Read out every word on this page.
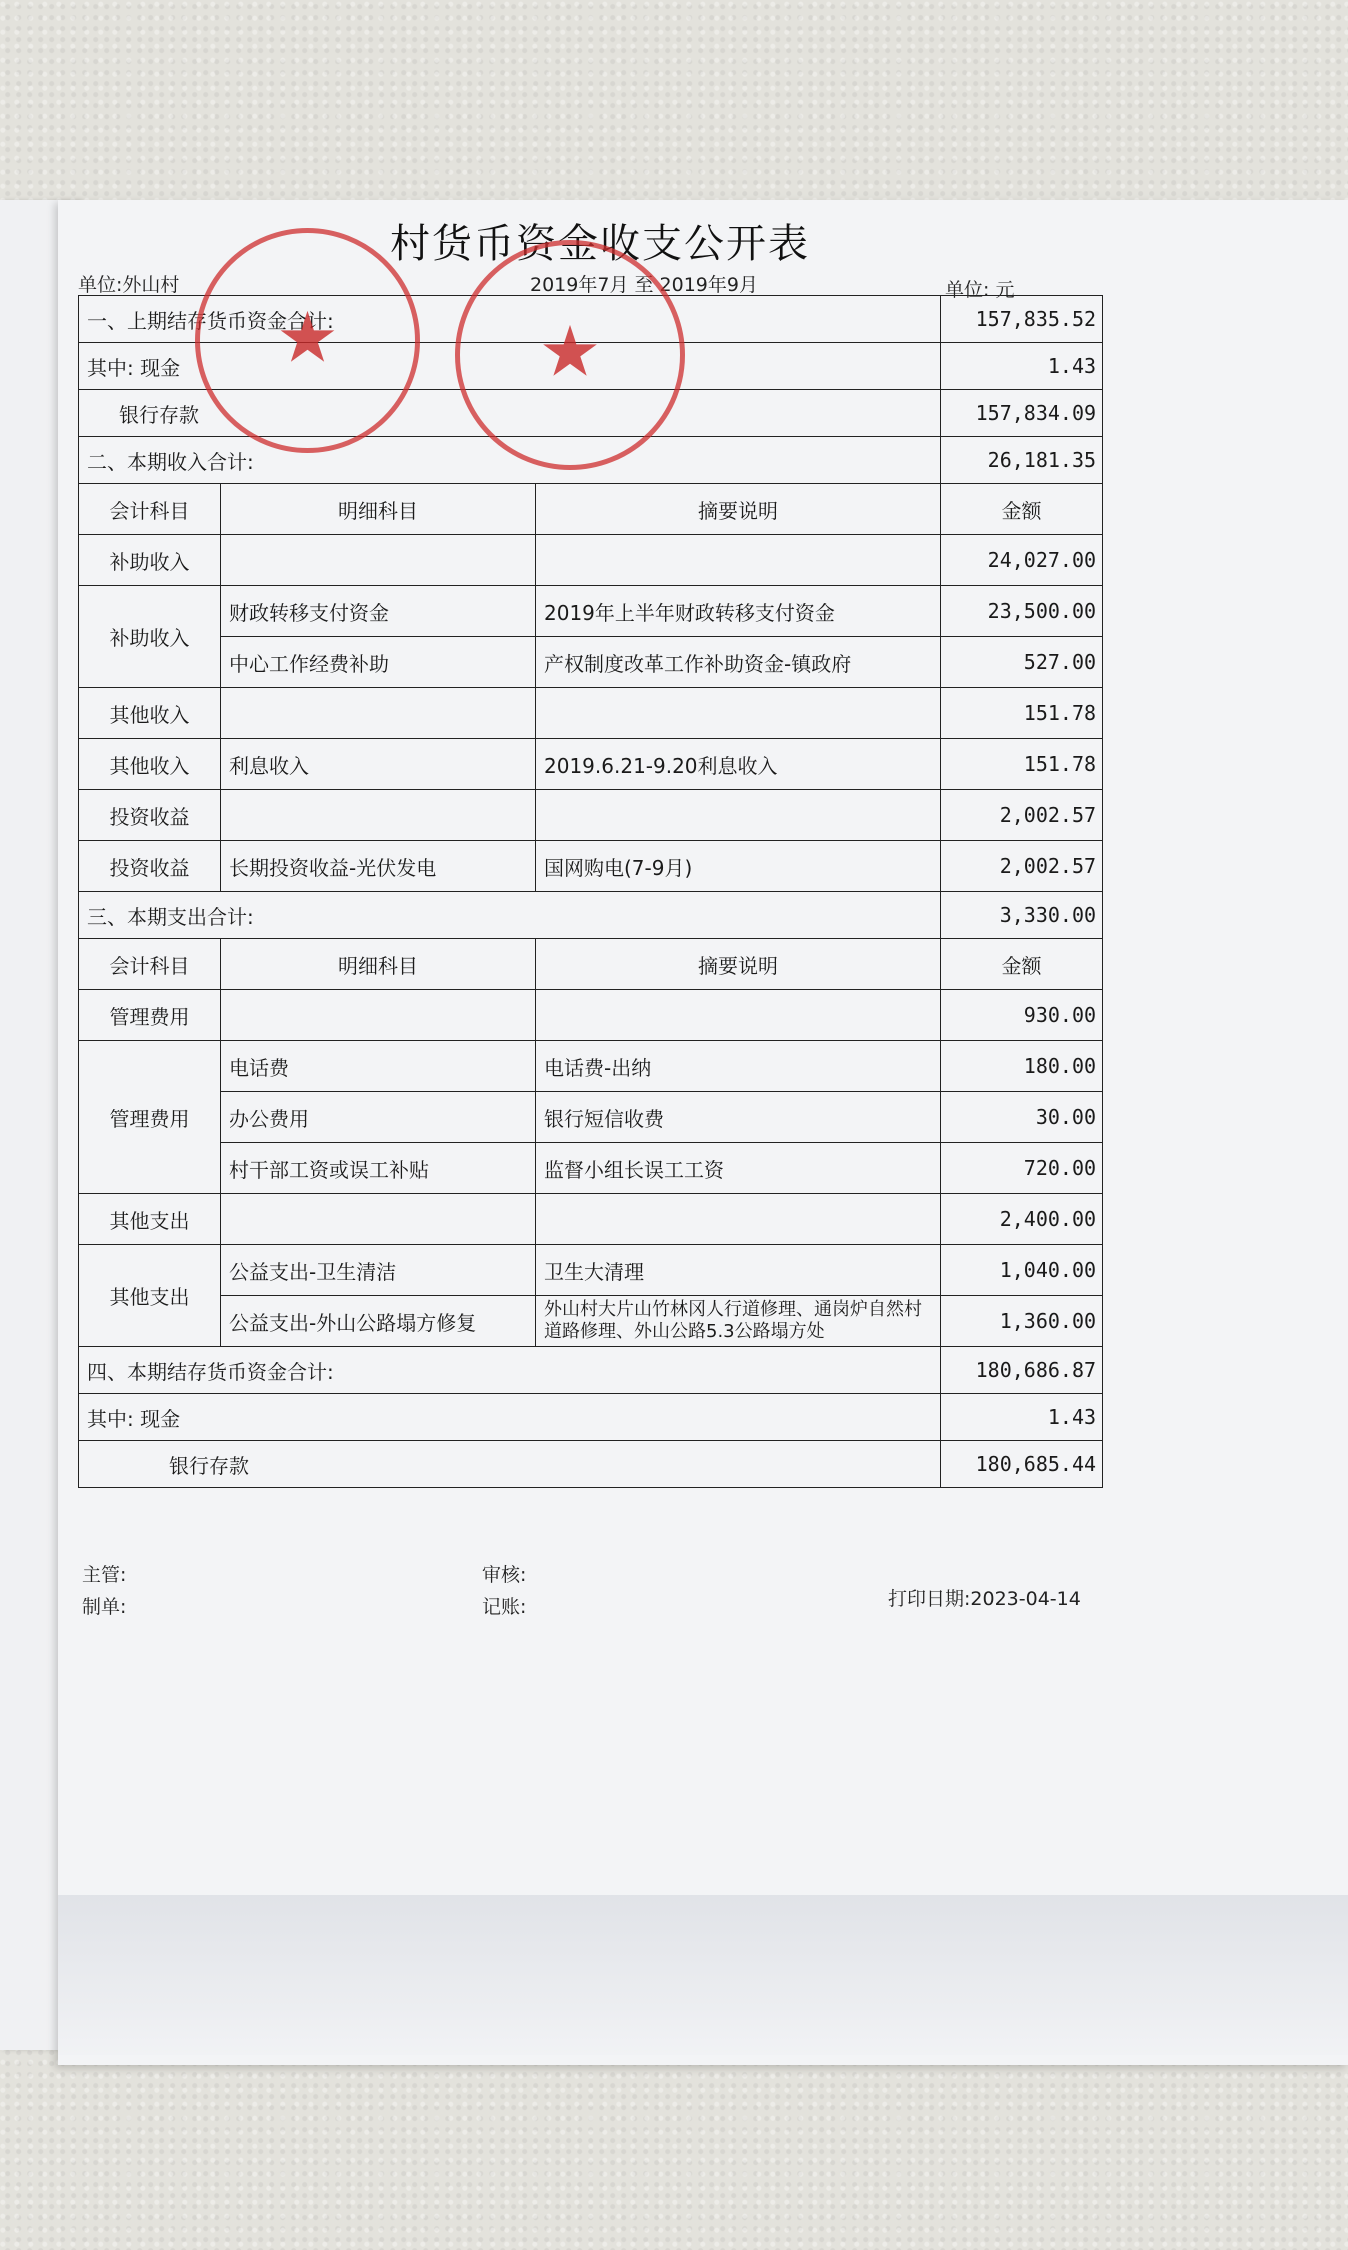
村货币资金收支公开表
单位:外山村	2019年7月 至 2019年9月	单位: 元
一、上期结存货币资金合计:			157,835.52
其中: 现金			1.43
银行存款			157,834.09
二、本期收入合计:			26,181.35
会计科目	明细科目	摘要说明	金额
补助收入			24,027.00
补助收入	财政转移支付资金	2019年上半年财政转移支付资金	23,500.00
	中心工作经费补助	产权制度改革工作补助资金-镇政府	527.00
其他收入			151.78
其他收入	利息收入	2019.6.21-9.20利息收入	151.78
投资收益			2,002.57
投资收益	长期投资收益-光伏发电	国网购电(7-9月)	2,002.57
三、本期支出合计:			3,330.00
会计科目	明细科目	摘要说明	金额
管理费用			930.00
管理费用	电话费	电话费-出纳	180.00
	办公费用	银行短信收费	30.00
	村干部工资或误工补贴	监督小组长误工工资	720.00
其他支出			2,400.00
其他支出	公益支出-卫生清洁	卫生大清理	1,040.00
	公益支出-外山公路塌方修复	外山村大片山竹林冈人行道修理、通岗炉自然村道路修理、外山公路5.3公路塌方处	1,360.00
四、本期结存货币资金合计:			180,686.87
其中: 现金			1.43
银行存款			180,685.44
主管:	审核:
制单:	记账:	打印日期:2023-04-14
★	★
